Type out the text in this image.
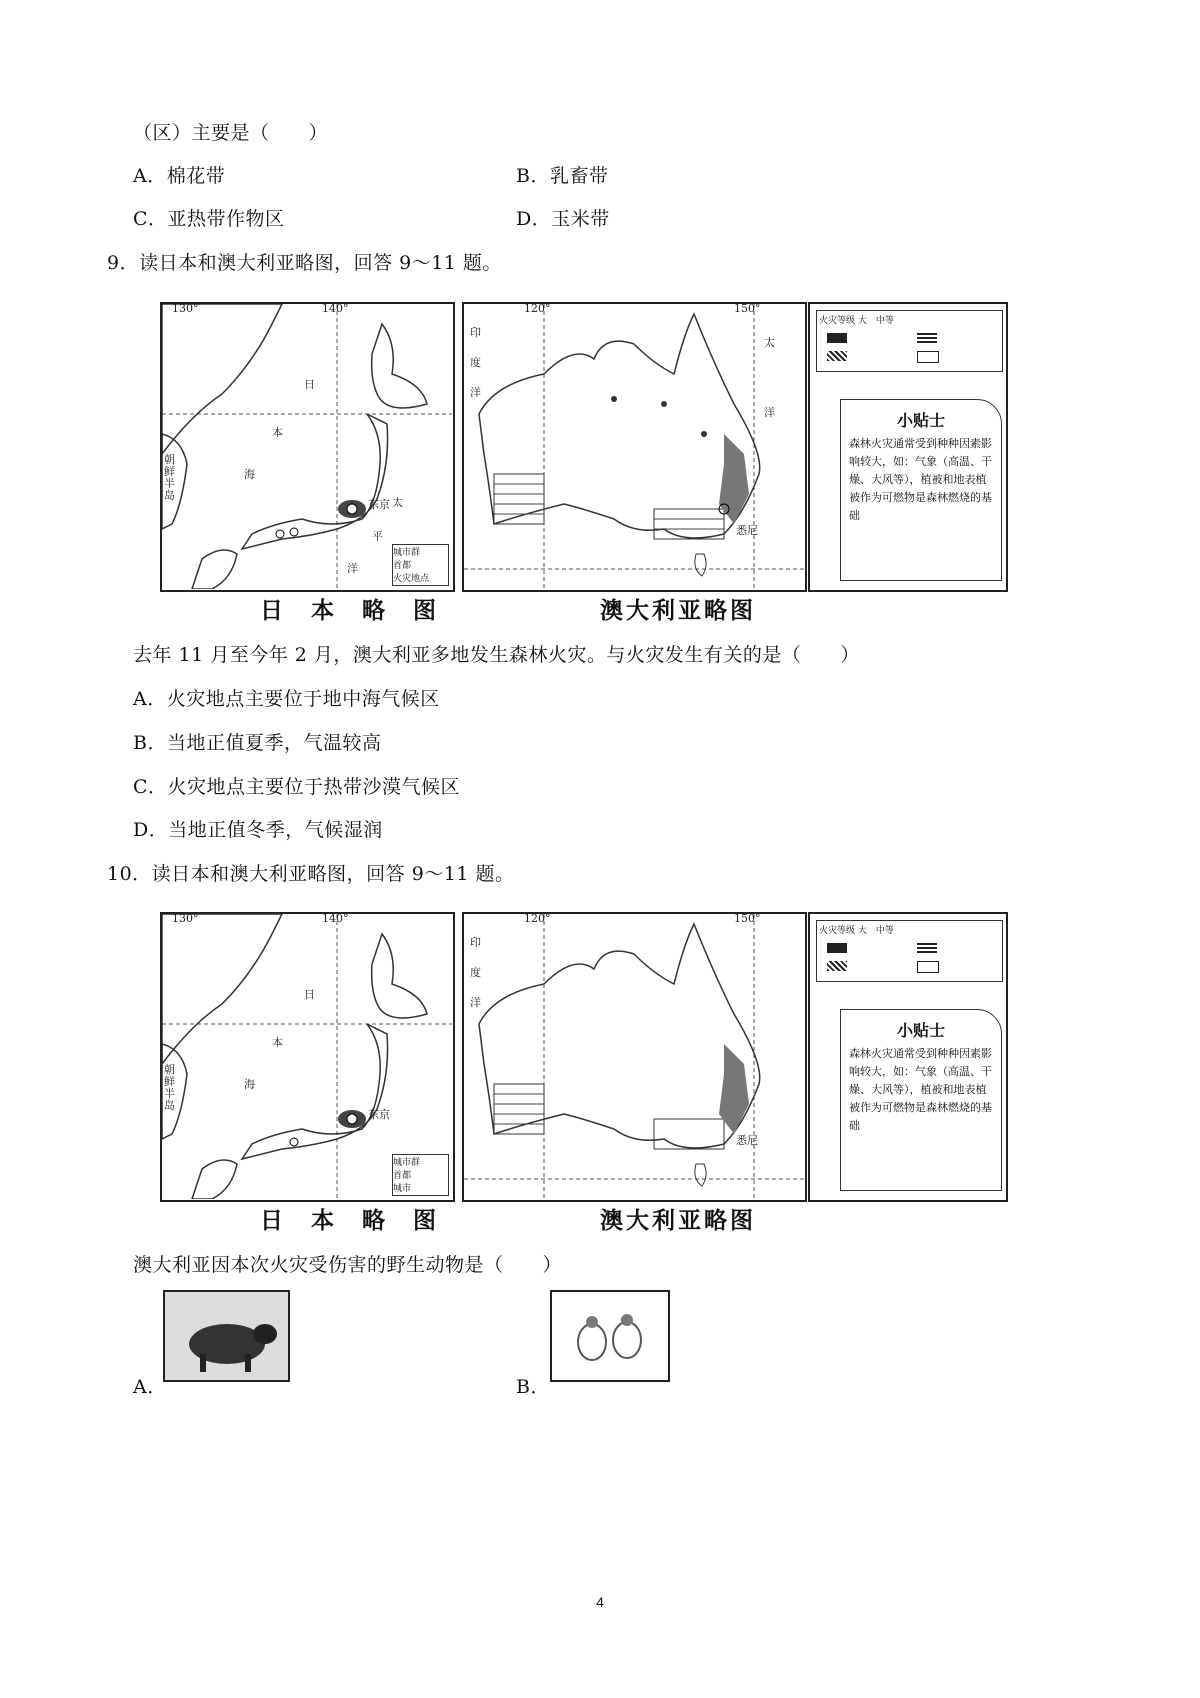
（区）主要是（　　）
A．棉花带	B．乳畜带
C．亚热带作物区	D．玉米带
9．读日本和澳大利亚略图，回答 9～11 题。
130°	140°
日
本
海
太
平
洋
朝鲜半岛
东京
城市群
首都
火灾地点
120°	150°
印
度
洋
太
洋
悉尼
火灾等级 大　中等
小贴士
森林火灾通常受到种种因素影响较大，如：气象（高温、干燥、大风等），植被和地表植被作为可燃物是森林燃烧的基础
日 本 略 图	澳大利亚略图
去年 11 月至今年 2 月，澳大利亚多地发生森林火灾。与火灾发生有关的是（　　）
A．火灾地点主要位于地中海气候区
B．当地正值夏季，气温较高
C．火灾地点主要位于热带沙漠气候区
D．当地正值冬季，气候湿润
10．读日本和澳大利亚略图，回答 9～11 题。
130°	140°
日
本
海
朝鲜半岛
东京
城市群
首都
城市
120°	150°
印
度
洋
悉尼
火灾等级 大　中等
小贴士
森林火灾通常受到种种因素影响较大，如：气象（高温、干燥、大风等），植被和地表植被作为可燃物是森林燃烧的基础
日 本 略 图	澳大利亚略图
澳大利亚因本次火灾受伤害的野生动物是（　　）
A．	B．
4
